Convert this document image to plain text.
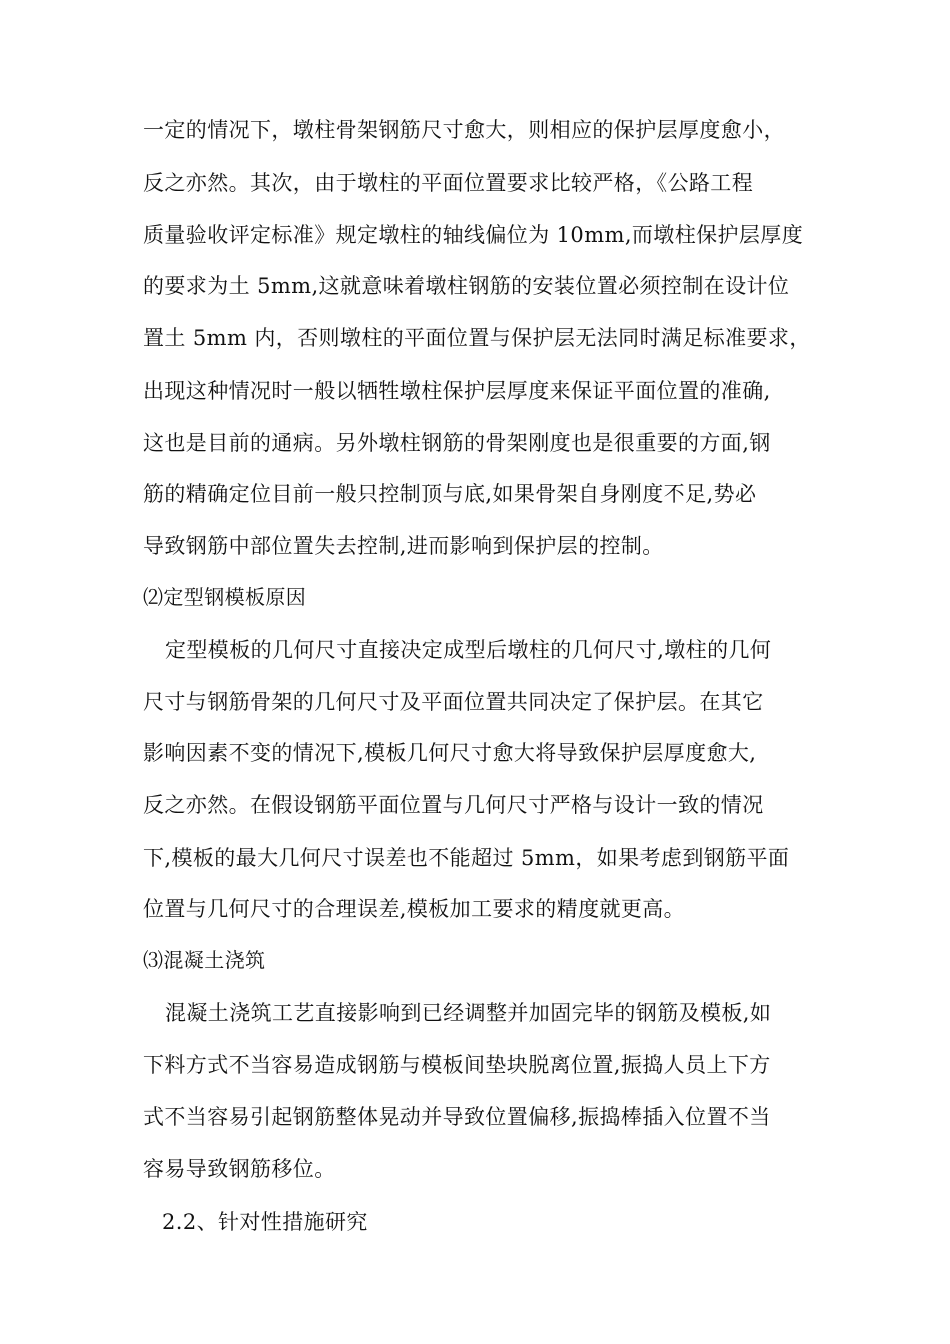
一定的情况下，墩柱骨架钢筋尺寸愈大，则相应的保护层厚度愈小，
反之亦然。其次，由于墩柱的平面位置要求比较严格，《公路工程
质量验收评定标准》规定墩柱的轴线偏位为 10mm,而墩柱保护层厚度
的要求为土 5mm,这就意味着墩柱钢筋的安装位置必须控制在设计位
置土 5mm 内，否则墩柱的平面位置与保护层无法同时满足标准要求，
出现这种情况时一般以牺牲墩柱保护层厚度来保证平面位置的准确,
这也是目前的通病。另外墩柱钢筋的骨架刚度也是很重要的方面,钢
筋的精确定位目前一般只控制顶与底,如果骨架自身刚度不足,势必
导致钢筋中部位置失去控制,进而影响到保护层的控制。
⑵定型钢模板原因
定型模板的几何尺寸直接决定成型后墩柱的几何尺寸,墩柱的几何
尺寸与钢筋骨架的几何尺寸及平面位置共同决定了保护层。在其它
影响因素不变的情况下,模板几何尺寸愈大将导致保护层厚度愈大,
反之亦然。在假设钢筋平面位置与几何尺寸严格与设计一致的情况
下,模板的最大几何尺寸误差也不能超过 5mm，如果考虑到钢筋平面
位置与几何尺寸的合理误差,模板加工要求的精度就更高。
⑶混凝土浇筑
混凝土浇筑工艺直接影响到已经调整并加固完毕的钢筋及模板,如
下料方式不当容易造成钢筋与模板间垫块脱离位置,振捣人员上下方
式不当容易引起钢筋整体晃动并导致位置偏移,振捣棒插入位置不当
容易导致钢筋移位。
2.2、针对性措施研究
